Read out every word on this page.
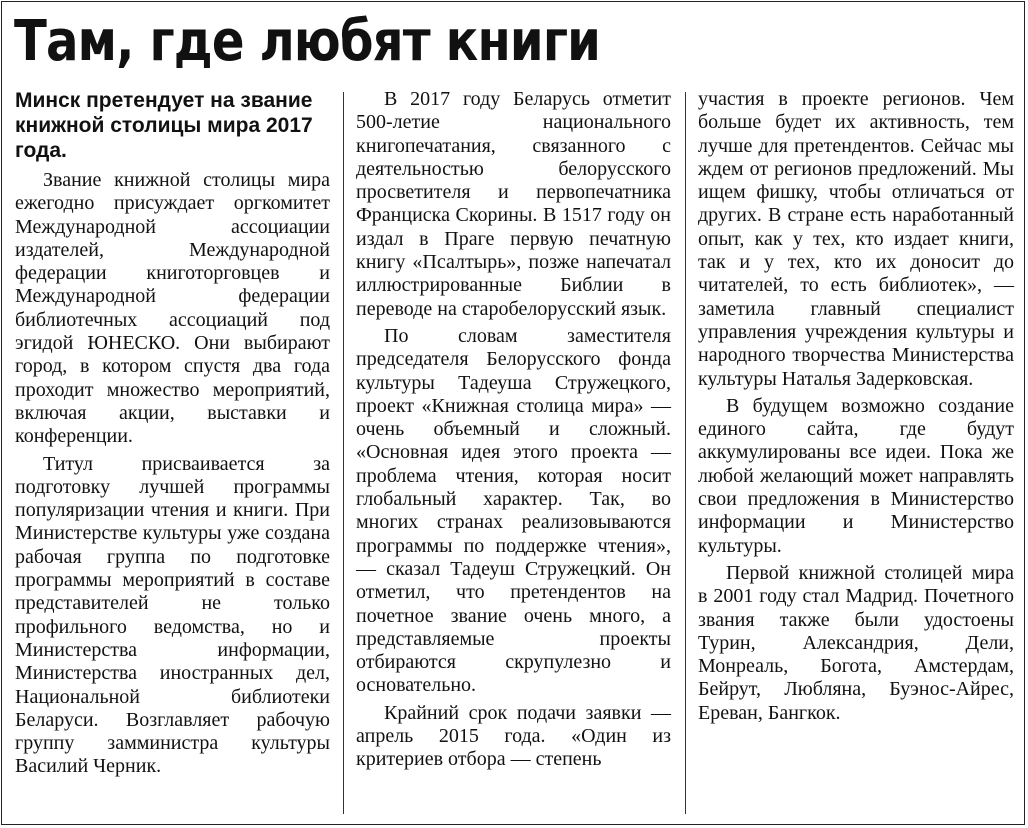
Там, где любят книги

Минск претендует на звание книжной столицы мира 2017 года.

Звание книжной столицы мира ежегодно присуждает оргкомитет Международной ассоциации издателей, Международной федерации книготорговцев и Международной федерации библиотечных ассоциаций под эгидой ЮНЕСКО. Они выбирают город, в котором спустя два года проходит множество мероприятий, включая акции, выставки и конференции.

Титул присваивается за подготовку лучшей программы популяризации чтения и книги. При Министерстве культуры уже создана рабочая группа по подготовке программы мероприятий в составе представителей не только профильного ведомства, но и Министерства информации, Министерства иностранных дел, Национальной библиотеки Беларуси. Возглавляет рабочую группу замминистра культуры Василий Черник.

В 2017 году Беларусь отметит 500-летие национального книгопечатания, связанного с деятельностью белорусского просветителя и первопечатника Франциска Скорины. В 1517 году он издал в Праге первую печатную книгу «Псалтырь», позже напечатал иллюстрированные Библии в переводе на старобелорусский язык.

По словам заместителя председателя Белорусского фонда культуры Тадеуша Стружецкого, проект «Книжная столица мира» — очень объемный и сложный. «Основная идея этого проекта — проблема чтения, которая носит глобальный характер. Так, во многих странах реализовываются программы по поддержке чтения», — сказал Тадеуш Стружецкий. Он отметил, что претендентов на почетное звание очень много, а представляемые проекты отбираются скрупулезно и основательно.

Крайний срок подачи заявки — апрель 2015 года. «Один из критериев отбора — степень

участия в проекте регионов. Чем больше будет их активность, тем лучше для претендентов. Сейчас мы ждем от регионов предложений. Мы ищем фишку, чтобы отличаться от других. В стране есть наработанный опыт, как у тех, кто издает книги, так и у тех, кто их доносит до читателей, то есть библиотек», — заметила главный специалист управления учреждения культуры и народного творчества Министерства культуры Наталья Задерковская.

В будущем возможно создание единого сайта, где будут аккумулированы все идеи. Пока же любой желающий может направлять свои предложения в Министерство информации и Министерство культуры.

Первой книжной столицей мира в 2001 году стал Мадрид. Почетного звания также были удостоены Турин, Александрия, Дели, Монреаль, Богота, Амстердам, Бейрут, Любляна, Буэнос-Айрес, Ереван, Бангкок.
